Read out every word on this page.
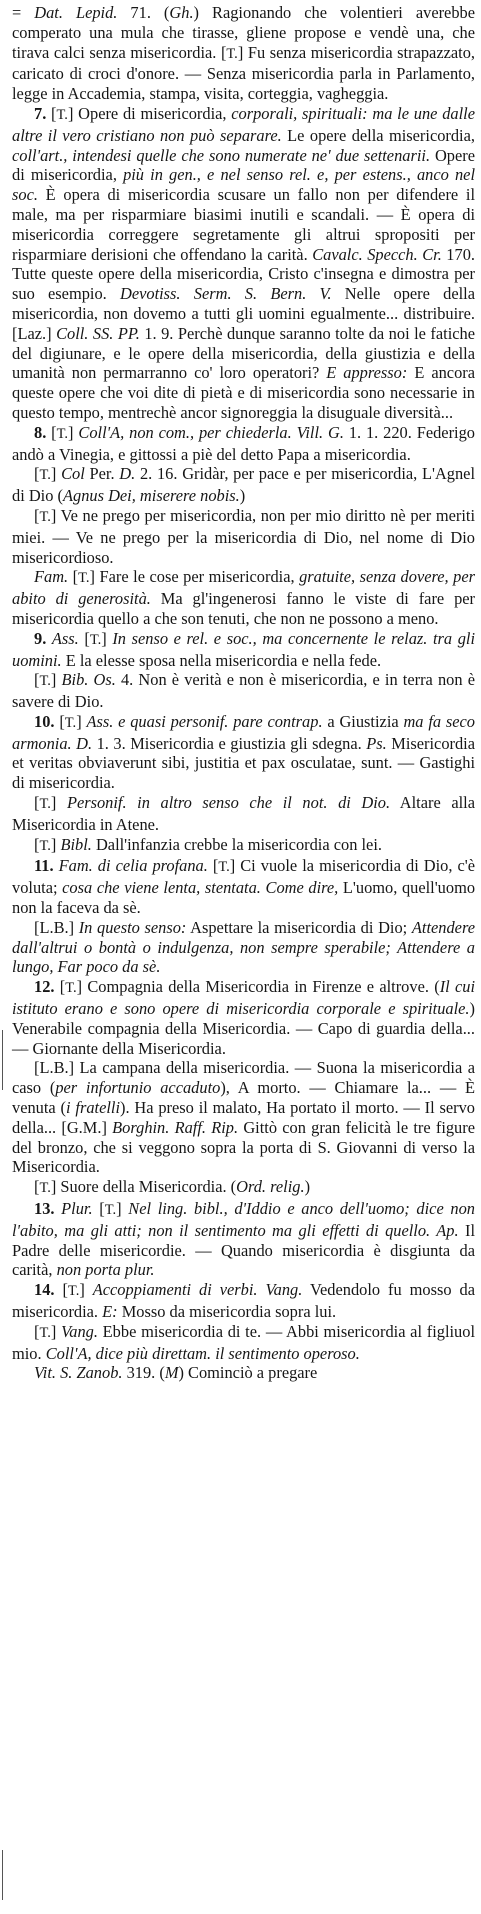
= Dat. Lepid. 71. (Gh.) Ragionando che volentieri averebbe comperato una mula che tirasse, gliene propose e vendè una, che tirava calci senza misericordia. [T.] Fu senza misericordia strapazzato, caricato di croci d'onore. — Senza misericordia parla in Parlamento, legge in Accademia, stampa, visita, corteggia, vagheggia.

7. [T.] Opere di misericordia, corporali, spirituali: ma le une dalle altre il vero cristiano non può separare. Le opere della misericordia, coll'art., intendesi quelle che sono numerate ne' due settenarii. Opere di misericordia, più in gen., e nel senso rel. e, per estens., anco nel soc. È opera di misericordia scusare un fallo non per difendere il male, ma per risparmiare biasimi inutili e scandali. — È opera di misericordia correggere segretamente gli altrui spropositi per risparmiare derisioni che offendano la carità. Cavalc. Specch. Cr. 170. Tutte queste opere della misericordia, Cristo c'insegna e dimostra per suo esempio. Devotiss. Serm. S. Bern. V. Nelle opere della misericordia, non dovemo a tutti gli uomini egualmente... distribuire. [Laz.] Coll. SS. PP. 1. 9. Perchè dunque saranno tolte da noi le fatiche del digiunare, e le opere della misericordia, della giustizia e della umanità non permarranno co' loro operatori? E appresso: E ancora queste opere che voi dite di pietà e di misericordia sono necessarie in questo tempo, mentrechè ancor signoreggia la disuguale diversità...

8. [T.] Coll'A, non com., per chiederla. Vill. G. 1. 1. 220. Federigo andò a Vinegia, e gittossi a piè del detto Papa a misericordia.

[T.] Col Per. D. 2. 16. Gridàr, per pace e per misericordia, L'Agnel di Dio (Agnus Dei, miserere nobis.)

[T.] Ve ne prego per misericordia, non per mio diritto nè per meriti miei. — Ve ne prego per la misericordia di Dio, nel nome di Dio misericordioso.

Fam. [T.] Fare le cose per misericordia, gratuite, senza dovere, per abito di generosità. Ma gl'ingenerosi fanno le viste di fare per misericordia quello a che son tenuti, che non ne possono a meno.

9. Ass. [T.] In senso e rel. e soc., ma concernente le relaz. tra gli uomini. E la elesse sposa nella misericordia e nella fede.

[T.] Bib. Os. 4. Non è verità e non è misericordia, e in terra non è savere di Dio.

10. [T.] Ass. e quasi personif. pare contrap. a Giustizia ma fa seco armonia. D. 1. 3. Misericordia e giustizia gli sdegna. Ps. Misericordia et veritas obviaverunt sibi, justitia et pax osculatae, sunt. — Gastighi di misericordia.

[T.] Personif. in altro senso che il not. di Dio. Altare alla Misericordia in Atene.

[T.] Bibl. Dall'infanzia crebbe la misericordia con lei.

11. Fam. di celia profana. [T.] Ci vuole la misericordia di Dio, c'è voluta; cosa che viene lenta, stentata. Come dire, L'uomo, quell'uomo non la faceva da sè.

[L.B.] In questo senso: Aspettare la misericordia di Dio; Attendere dall'altrui o bontà o indulgenza, non sempre sperabile; Attendere a lungo, Far poco da sè.

12. [T.] Compagnia della Misericordia in Firenze e altrove. (Il cui istituto erano e sono opere di misericordia corporale e spirituale.) Venerabile compagnia della Misericordia. — Capo di guardia della... — Giornante della Misericordia.

[L.B.] La campana della misericordia. — Suona la misericordia a caso (per infortunio accaduto), A morto. — Chiamare la... — È venuta (i fratelli). Ha preso il malato, Ha portato il morto. — Il servo della... [G.M.] Borghin. Raff. Rip. Gittò con gran felicità le tre figure del bronzo, che si veggono sopra la porta di S. Giovanni di verso la Misericordia.

[T.] Suore della Misericordia. (Ord. relig.)

13. Plur. [T.] Nel ling. bibl., d'Iddio e anco dell'uomo; dice non l'abito, ma gli atti; non il sentimento ma gli effetti di quello. Ap. Il Padre delle misericordie. — Quando misericordia è disgiunta da carità, non porta plur.

14. [T.] Accoppiamenti di verbi. Vang. Vedendolo fu mosso da misericordia. E: Mosso da misericordia sopra lui.

[T.] Vang. Ebbe misericordia di te. — Abbi misericordia al figliuol mio. Coll'A, dice più direttam. il sentimento operoso.

Vit. S. Zanob. 319. (M) Cominciò a pregare
